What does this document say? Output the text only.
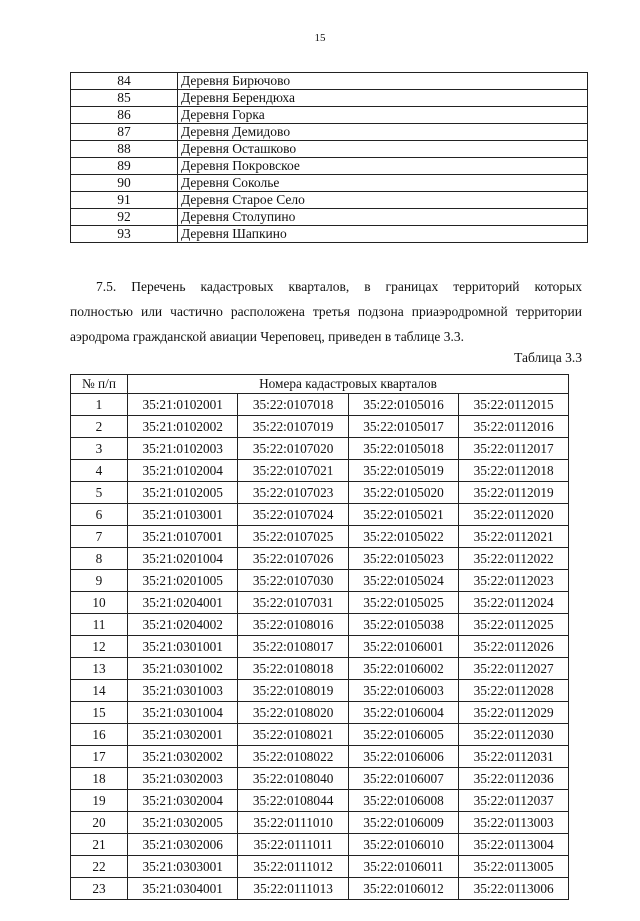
15
84	Деревня Бирючово
85	Деревня Берендюха
86	Деревня Горка
87	Деревня Демидово
88	Деревня Осташково
89	Деревня Покровское
90	Деревня Соколье
91	Деревня Старое Село
92	Деревня Столупино
93	Деревня Шапкино
7.5. Перечень кадастровых кварталов, в границах территорий которых
полностью или частично расположена третья подзона приаэродромной территории
аэродрома гражданской авиации Череповец, приведен в таблице 3.3.
Таблица 3.3
№ п/п	Номера кадастровых кварталов			
1	35:21:0102001	35:22:0107018	35:22:0105016	35:22:0112015
2	35:21:0102002	35:22:0107019	35:22:0105017	35:22:0112016
3	35:21:0102003	35:22:0107020	35:22:0105018	35:22:0112017
4	35:21:0102004	35:22:0107021	35:22:0105019	35:22:0112018
5	35:21:0102005	35:22:0107023	35:22:0105020	35:22:0112019
6	35:21:0103001	35:22:0107024	35:22:0105021	35:22:0112020
7	35:21:0107001	35:22:0107025	35:22:0105022	35:22:0112021
8	35:21:0201004	35:22:0107026	35:22:0105023	35:22:0112022
9	35:21:0201005	35:22:0107030	35:22:0105024	35:22:0112023
10	35:21:0204001	35:22:0107031	35:22:0105025	35:22:0112024
11	35:21:0204002	35:22:0108016	35:22:0105038	35:22:0112025
12	35:21:0301001	35:22:0108017	35:22:0106001	35:22:0112026
13	35:21:0301002	35:22:0108018	35:22:0106002	35:22:0112027
14	35:21:0301003	35:22:0108019	35:22:0106003	35:22:0112028
15	35:21:0301004	35:22:0108020	35:22:0106004	35:22:0112029
16	35:21:0302001	35:22:0108021	35:22:0106005	35:22:0112030
17	35:21:0302002	35:22:0108022	35:22:0106006	35:22:0112031
18	35:21:0302003	35:22:0108040	35:22:0106007	35:22:0112036
19	35:21:0302004	35:22:0108044	35:22:0106008	35:22:0112037
20	35:21:0302005	35:22:0111010	35:22:0106009	35:22:0113003
21	35:21:0302006	35:22:0111011	35:22:0106010	35:22:0113004
22	35:21:0303001	35:22:0111012	35:22:0106011	35:22:0113005
23	35:21:0304001	35:22:0111013	35:22:0106012	35:22:0113006
